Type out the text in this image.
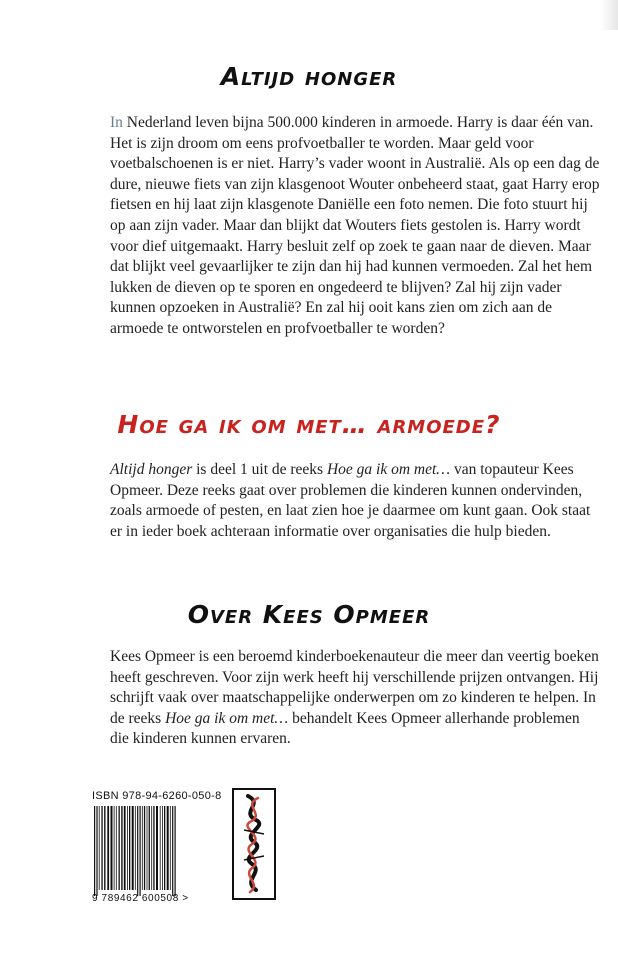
Altijd honger

In Nederland leven bijna 500.000 kinderen in armoede. Harry is daar één van. Het is zijn droom om eens profvoetballer te worden. Maar geld voor voetbalschoenen is er niet. Harry’s vader woont in Australië. Als op een dag de dure, nieuwe fiets van zijn klasgenoot Wouter onbeheerd staat, gaat Harry erop fietsen en hij laat zijn klasgenote Daniëlle een foto nemen. Die foto stuurt hij op aan zijn vader. Maar dan blijkt dat Wouters fiets gestolen is. Harry wordt voor dief uitgemaakt. Harry besluit zelf op zoek te gaan naar de dieven. Maar dat blijkt veel gevaarlijker te zijn dan hij had kunnen vermoeden. Zal het hem lukken de dieven op te sporen en ongedeerd te blijven? Zal hij zijn vader kunnen opzoeken in Australië? En zal hij ooit kans zien om zich aan de armoede te ontworstelen en profvoetballer te worden?

Hoe ga ik om met… armoede?

Altijd honger is deel 1 uit de reeks Hoe ga ik om met… van topauteur Kees Opmeer. Deze reeks gaat over problemen die kinderen kunnen ondervinden, zoals armoede of pesten, en laat zien hoe je daarmee om kunt gaan. Ook staat er in ieder boek achteraan informatie over organisaties die hulp bieden.

Over Kees Opmeer

Kees Opmeer is een beroemd kinderboekenauteur die meer dan veertig boeken heeft geschreven. Voor zijn werk heeft hij verschillende prijzen ontvangen. Hij schrijft vaak over maatschappelijke onderwerpen om zo kinderen te helpen. In de reeks Hoe ga ik om met… behandelt Kees Opmeer allerhande problemen die kinderen kunnen ervaren.

ISBN 978-94-6260-050-8
9 789462 600508 >
